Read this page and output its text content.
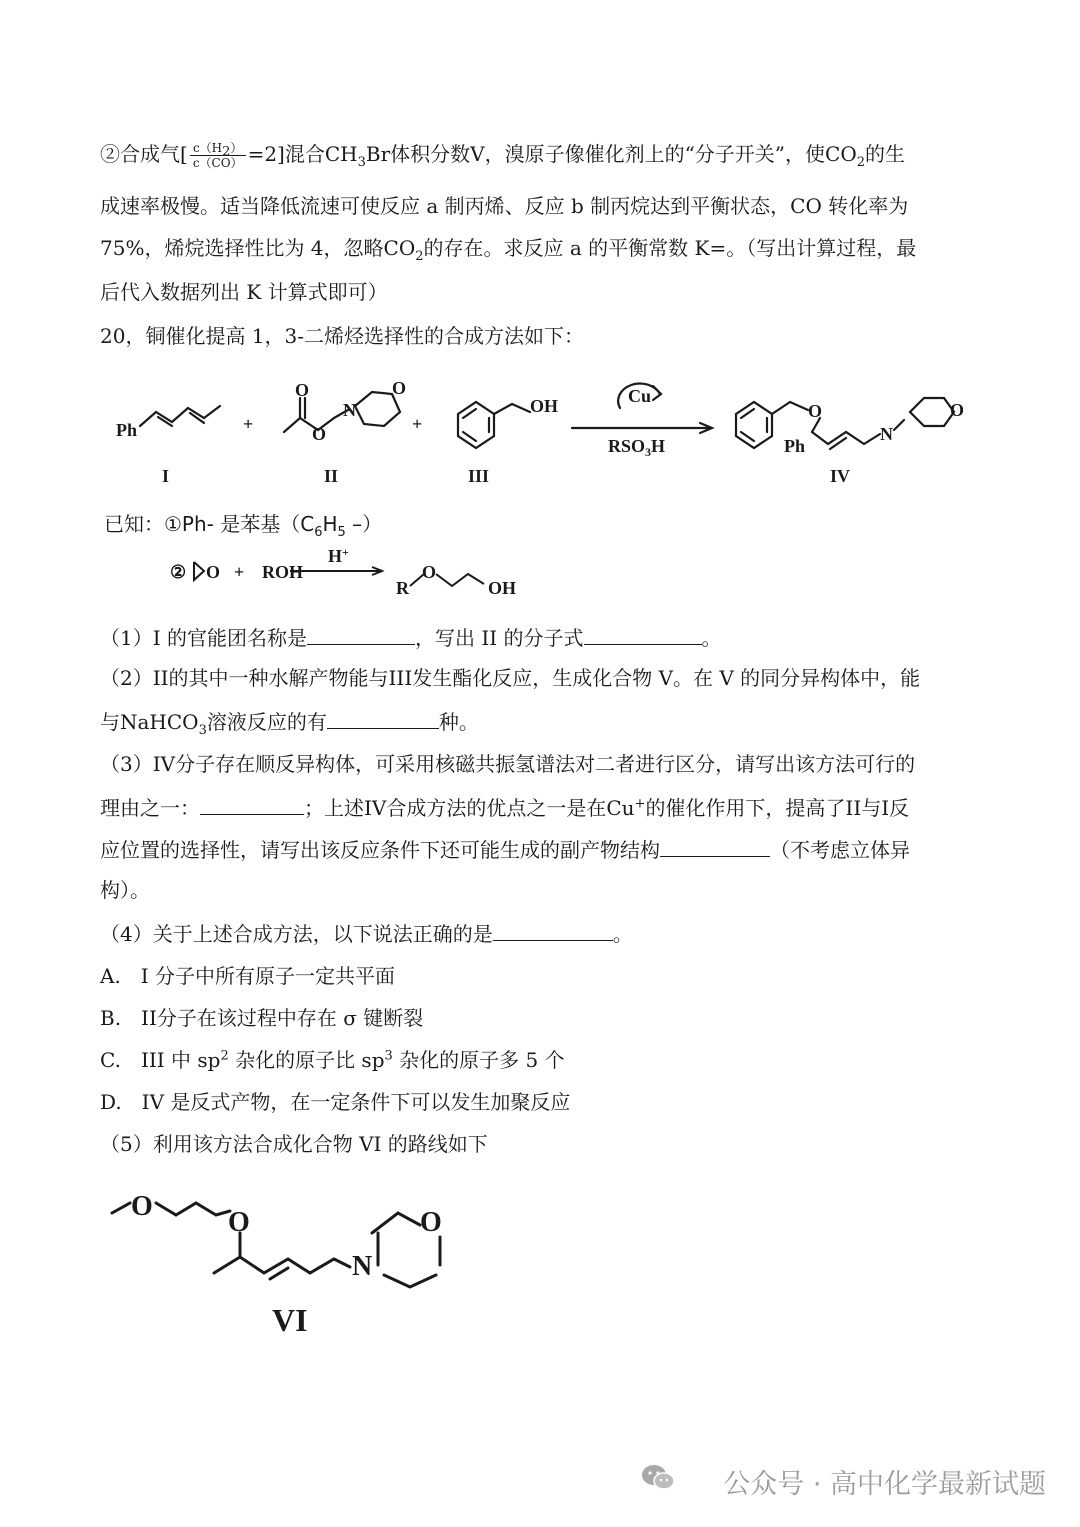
②合成气[ $\frac{c(H_2)}{c(CO)} =2$]混合$CH_3Br$体积分数V，溴原子像催化剂上的“分子开关”，使$CO_2$的生
成速率极慢。适当降低流速可使反应 a 制丙烯、反应 b 制丙烷达到平衡状态，CO 转化率为
75%，烯烷选择性比为 4，忽略$CO_2$的存在。求反应 a 的平衡常数 K=。（写出计算过程，最
后代入数据列出 K 计算式即可）
20，铜催化提高 1，3-二烯烃选择性的合成方法如下：
Ph	+
O
O
N
O
+
OH	Cu
$RSO_3H$
O
Ph
N
O
I	II	III	IV
已知：①Ph- 是苯基（$C_6H_5$ –）
② O + ROH
H+
R
O
OH
（1）I 的官能团名称是	，写出 II 的分子式	。
（2）II的其中一种水解产物能与III发生酯化反应，生成化合物 V。在 V 的同分异构体中，能
与NaHCO$_3$溶液反应的有	种。
（3）IV分子存在顺反异构体，可采用核磁共振氢谱法对二者进行区分，请写出该方法可行的
理由之一：	；上述IV合成方法的优点之一是在Cu+的催化作用下，提高了II与I反
应位置的选择性，请写出该反应条件下还可能生成的副产物结构	（不考虑立体异
构）。
（4）关于上述合成方法，以下说法正确的是	。
A.　I 分子中所有原子一定共平面
B.　II分子在该过程中存在 σ 键断裂
C.　III 中 $sp^2$ 杂化的原子比 $sp^3$ 杂化的原子多 5 个
D.　IV 是反式产物，在一定条件下可以发生加聚反应
（5）利用该方法合成化合物 VI 的路线如下
O
O
N
O
VI
公众号 · 高中化学最新试题
